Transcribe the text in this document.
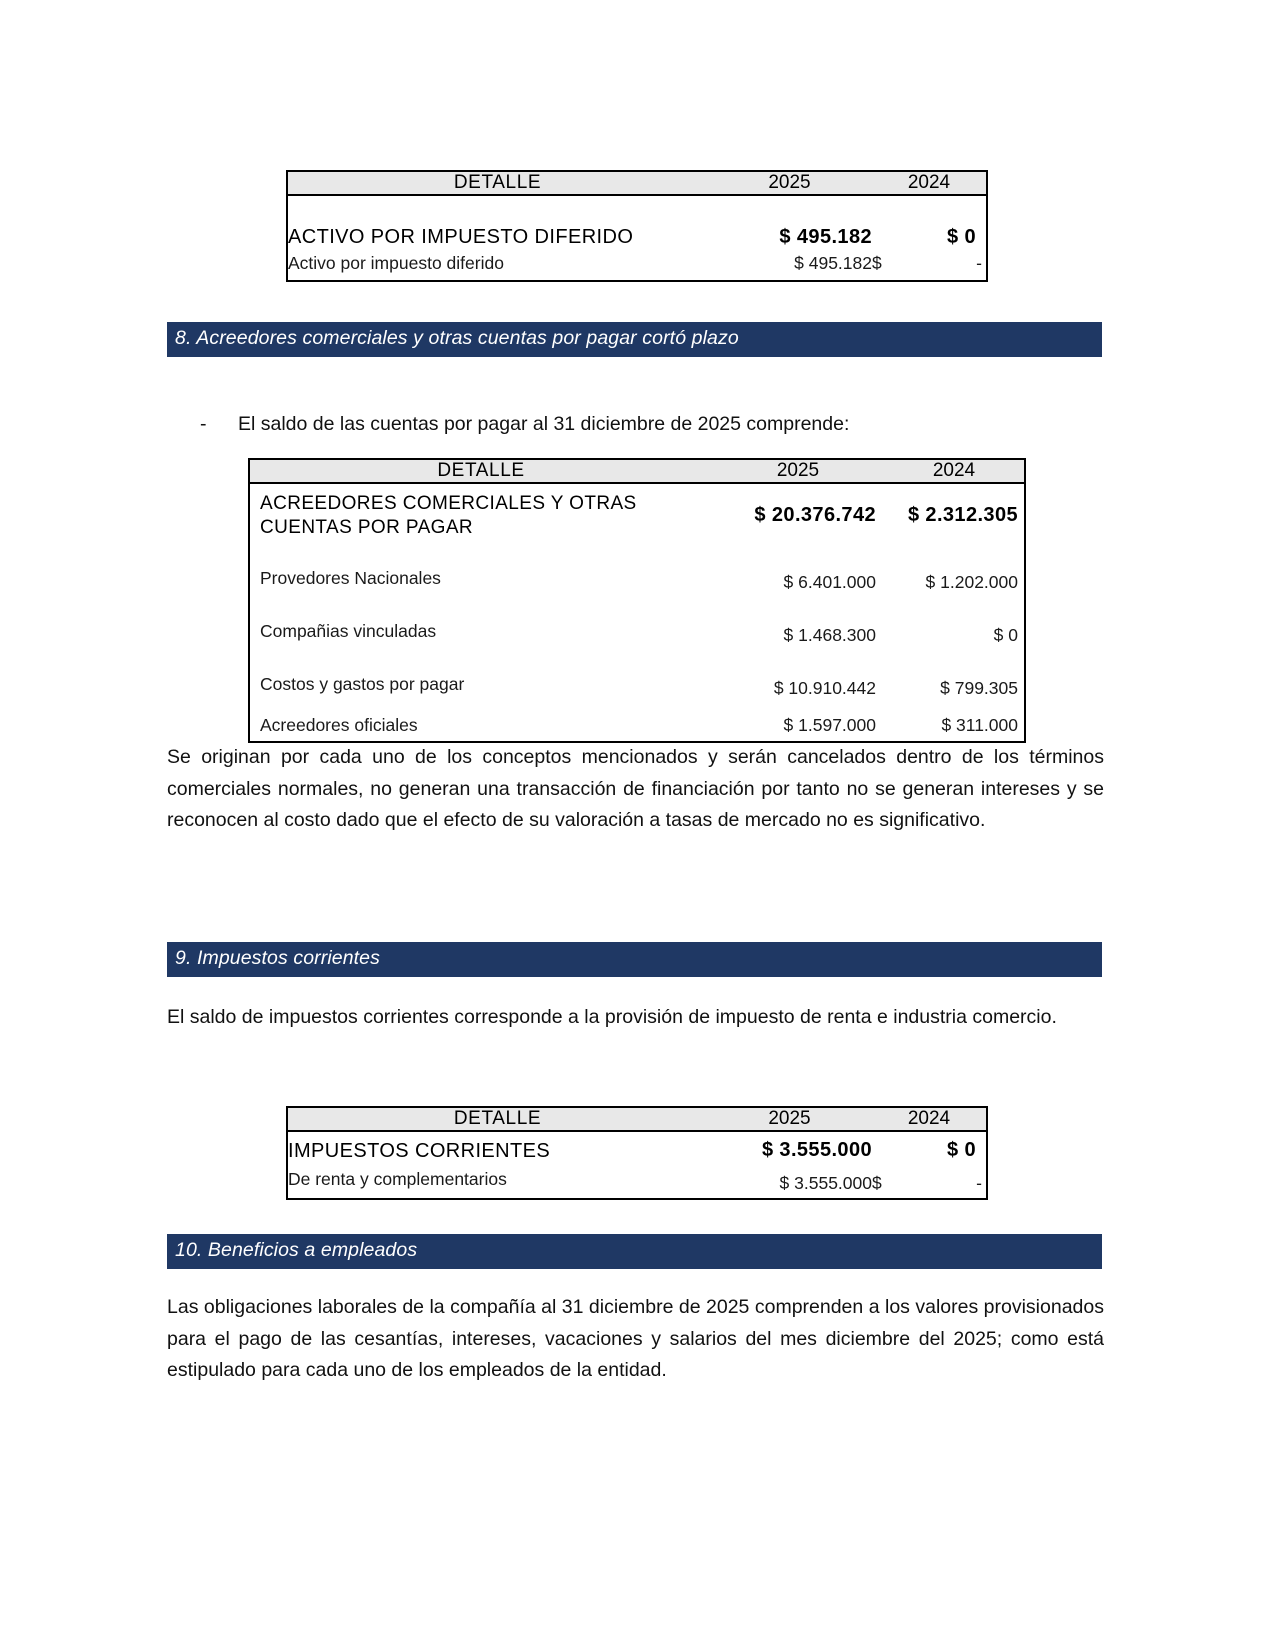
DETALLE	2025	2024

ACTIVO POR IMPUESTO DIFERIDO	$ 495.182	$ 0
Activo por impuesto diferido	$ 495.182	$ -
8. Acreedores comerciales y otras cuentas por pagar cortó plazo
-	El saldo de las cuentas por pagar al 31 diciembre de 2025 comprende:
DETALLE	2025	2024
ACREEDORES COMERCIALES Y OTRAS CUENTAS POR PAGAR	$ 20.376.742	$ 2.312.305
Provedores Nacionales	$ 6.401.000	$ 1.202.000
Compañias vinculadas	$ 1.468.300	$ 0
Costos y gastos por pagar	$ 10.910.442	$ 799.305
Acreedores oficiales	$ 1.597.000	$ 311.000
Se originan por cada uno de los conceptos mencionados y serán cancelados dentro de los términos comerciales normales, no generan una transacción de financiación por tanto no se generan intereses y se reconocen al costo dado que el efecto de su valoración a tasas de mercado no es significativo.
9. Impuestos corrientes
El saldo de impuestos corrientes corresponde a la provisión de impuesto de renta e industria comercio.
DETALLE	2025	2024
IMPUESTOS CORRIENTES	$ 3.555.000	$ 0
De renta y complementarios	$ 3.555.000	$ -
10. Beneficios a empleados
Las obligaciones laborales de la compañía al 31 diciembre de 2025 comprenden a los valores provisionados para el pago de las cesantías, intereses, vacaciones y salarios del mes diciembre del 2025; como está estipulado para cada uno de los empleados de la entidad.
